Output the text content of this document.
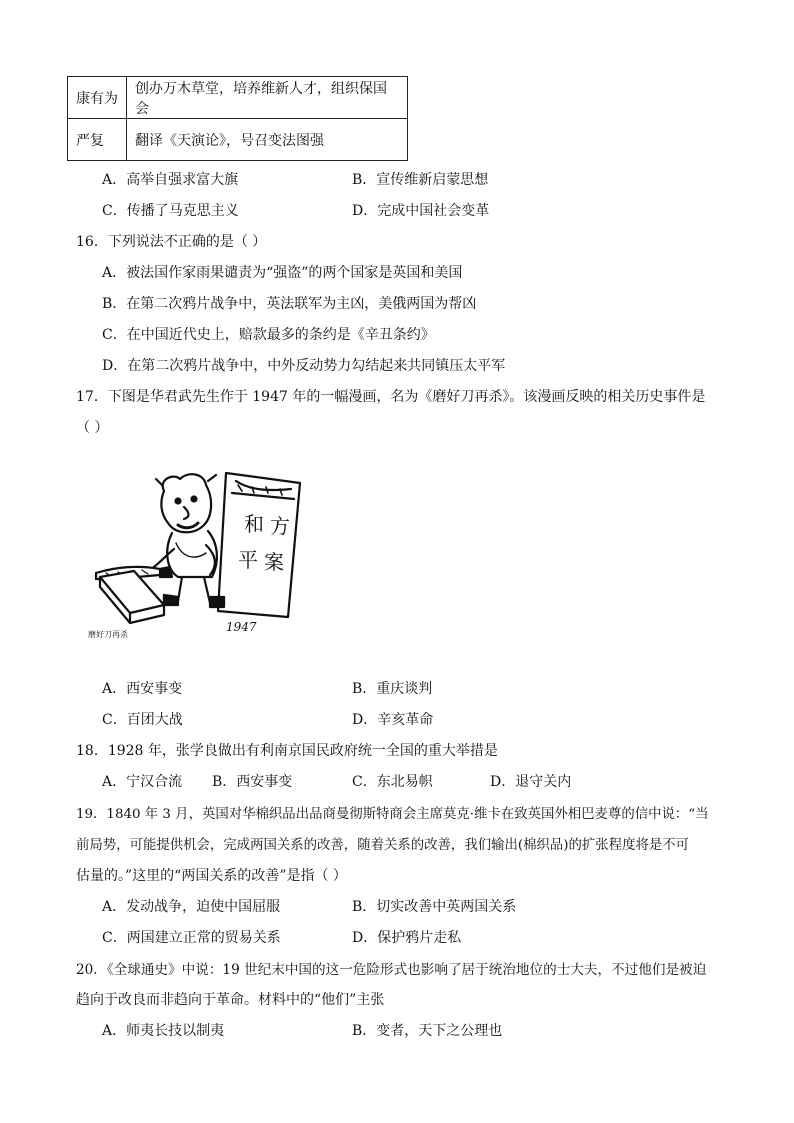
康有为	创办万木草堂，培养维新人才，组织保国会
严复	翻译《天演论》，号召变法图强
A．高举自强求富大旗	B．宣传维新启蒙思想
C．传播了马克思主义	D．完成中国社会变革
16．下列说法不正确的是（ ）
A．被法国作家雨果谴责为“强盗”的两个国家是英国和美国
B．在第二次鸦片战争中，英法联军为主凶，美俄两国为帮凶
C．在中国近代史上，赔款最多的条约是《辛丑条约》
D．在第二次鸦片战争中，中外反动势力勾结起来共同镇压太平军
17．下图是华君武先生作于 1947 年的一幅漫画，名为《磨好刀再杀》。该漫画反映的相关历史事件是
（ ）
和 方
平 案
磨好刀再杀
1947
A．西安事变	B．重庆谈判
C．百团大战	D．辛亥革命
18．1928 年，张学良做出有利南京国民政府统一全国的重大举措是
A．宁汉合流 B．西安事变	C．东北易帜	D．退守关内
19．1840 年 3 月，英国对华棉织品出品商曼彻斯特商会主席莫克·维卡在致英国外相巴麦尊的信中说：“当
前局势，可能提供机会，完成两国关系的改善，随着关系的改善，我们输出(棉织品)的扩张程度将是不可
估量的。”这里的“两国关系的改善”是指（ ）
A．发动战争，迫使中国屈服	B．切实改善中英两国关系
C．两国建立正常的贸易关系	D．保护鸦片走私
20．《全球通史》中说：19 世纪末中国的这一危险形式也影响了居于统治地位的士大夫，不过他们是被迫
趋向于改良而非趋向于革命。材料中的“他们”主张
A．师夷长技以制夷	B．变者，天下之公理也
